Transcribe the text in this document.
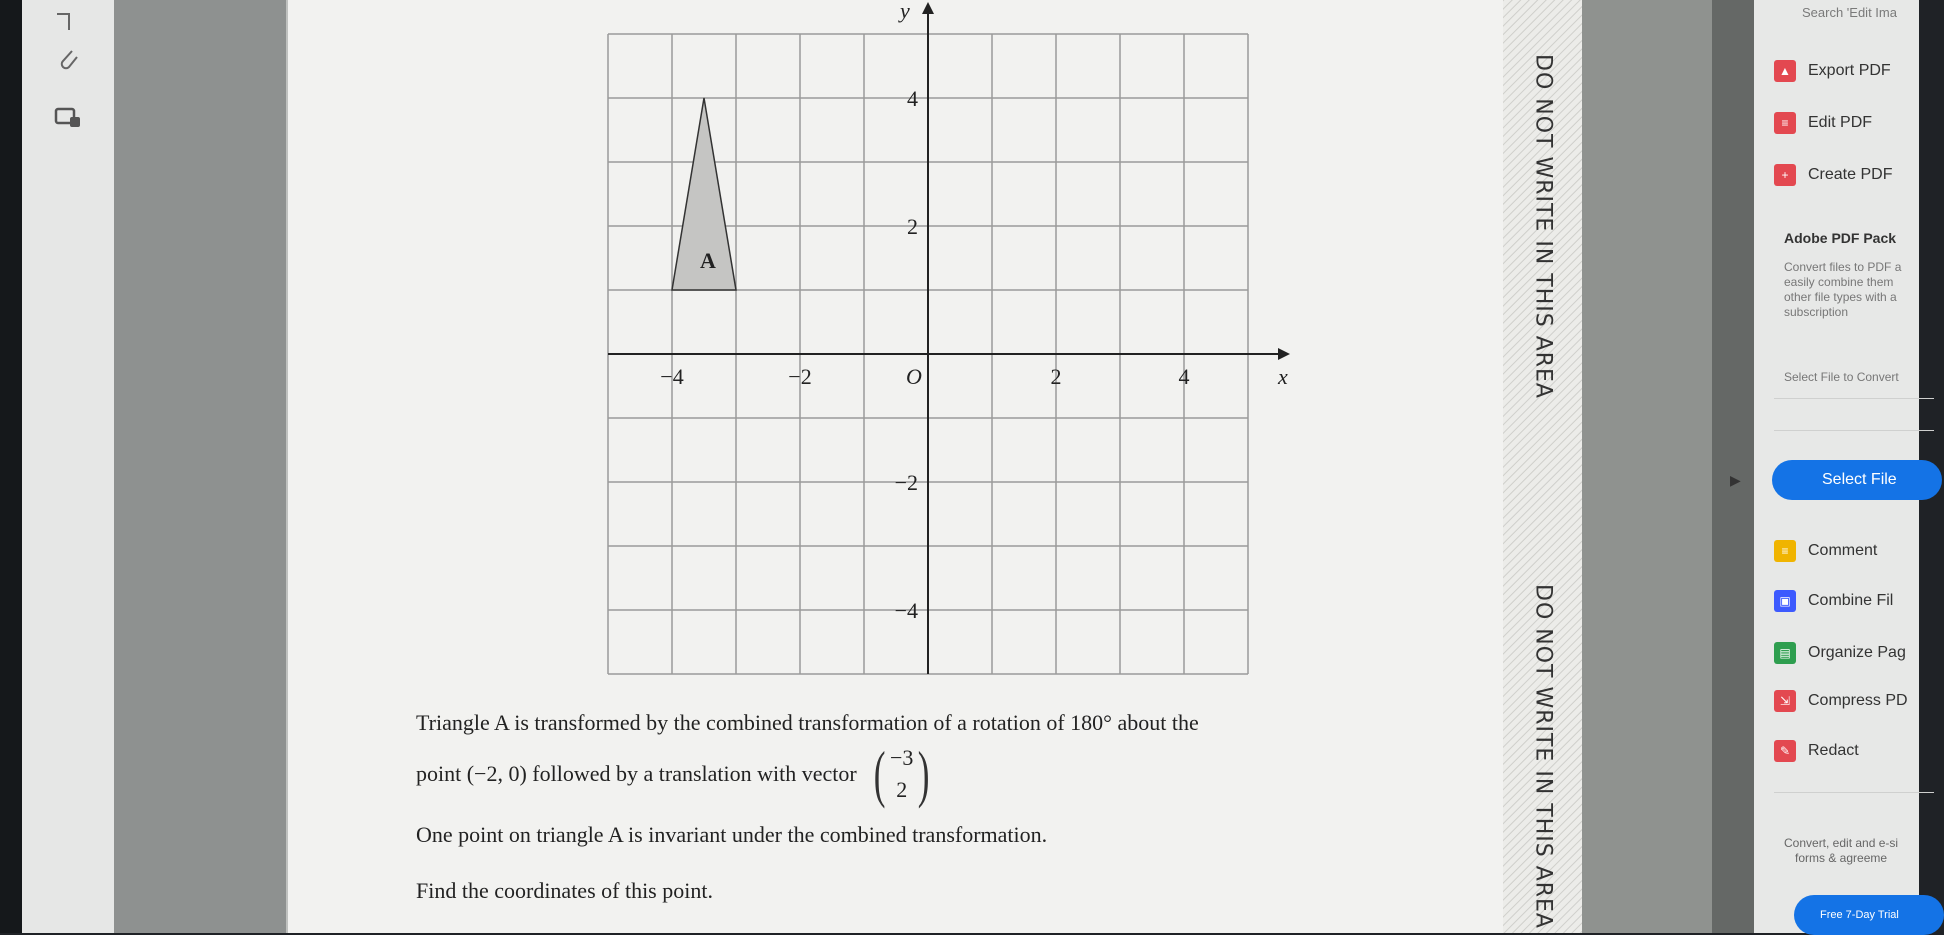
A
−4	−2	2	4
4
2
−2
−4
O	x
y
Triangle A is transformed by the combined transformation of a rotation of 180° about the
point (−2, 0) followed by a translation with vector ( −3
2 )
One point on triangle A is invariant under the combined transformation.
Find the coordinates of this point.
DO NOT WRITE IN THIS AREA
DO NOT WRITE IN THIS AREA
▶
Search 'Edit Ima
▲	Export PDF
≡	Edit PDF
+	Create PDF
Adobe PDF Pack
Convert files to PDF a
easily combine them
other file types with a
subscription
Select File to Convert
Select File
≡	Comment
▣	Combine Fil
▤	Organize Pag
⇲	Compress PD
✎	Redact
Convert, edit and e-si
forms & agreeme
Free 7-Day Trial
